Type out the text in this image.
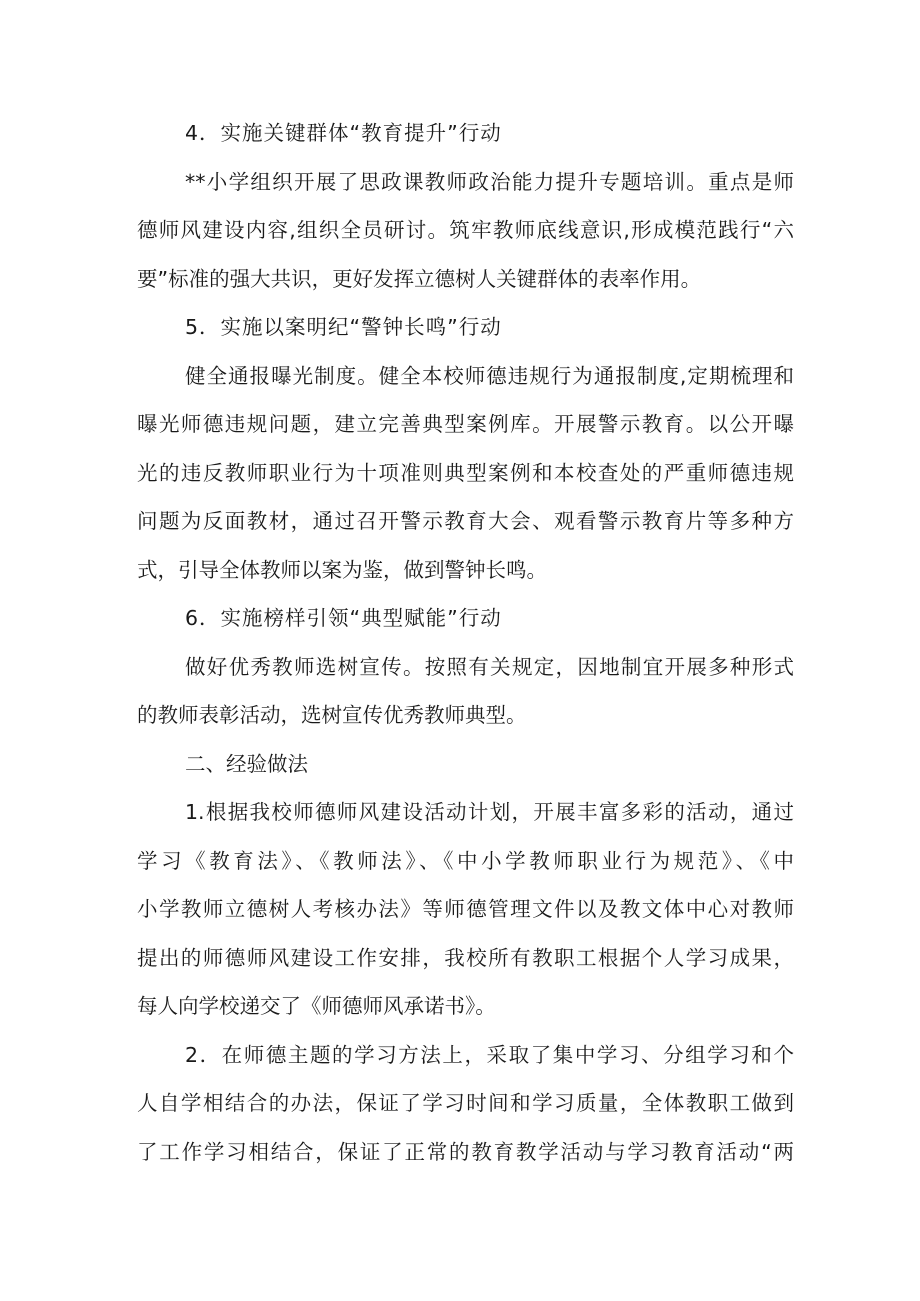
4．实施关键群体“教育提升”行动
**小学组织开展了思政课教师政治能力提升专题培训。重点是师
德师风建设内容,组织全员研讨。筑牢教师底线意识,形成模范践行“六
要”标准的强大共识，更好发挥立德树人关键群体的表率作用。
5．实施以案明纪“警钟长鸣”行动
健全通报曝光制度。健全本校师德违规行为通报制度,定期梳理和
曝光师德违规问题，建立完善典型案例库。开展警示教育。以公开曝
光的违反教师职业行为十项准则典型案例和本校查处的严重师德违规
问题为反面教材，通过召开警示教育大会、观看警示教育片等多种方
式，引导全体教师以案为鉴，做到警钟长鸣。
6．实施榜样引领“典型赋能”行动
做好优秀教师选树宣传。按照有关规定，因地制宜开展多种形式
的教师表彰活动，选树宣传优秀教师典型。
二、经验做法
1.根据我校师德师风建设活动计划，开展丰富多彩的活动，通过
学习《教育法》、《教师法》、《中小学教师职业行为规范》、《中
小学教师立德树人考核办法》等师德管理文件以及教文体中心对教师
提出的师德师风建设工作安排，我校所有教职工根据个人学习成果，
每人向学校递交了《师德师风承诺书》。
2．在师德主题的学习方法上，采取了集中学习、分组学习和个
人自学相结合的办法，保证了学习时间和学习质量，全体教职工做到
了工作学习相结合，保证了正常的教育教学活动与学习教育活动“两
